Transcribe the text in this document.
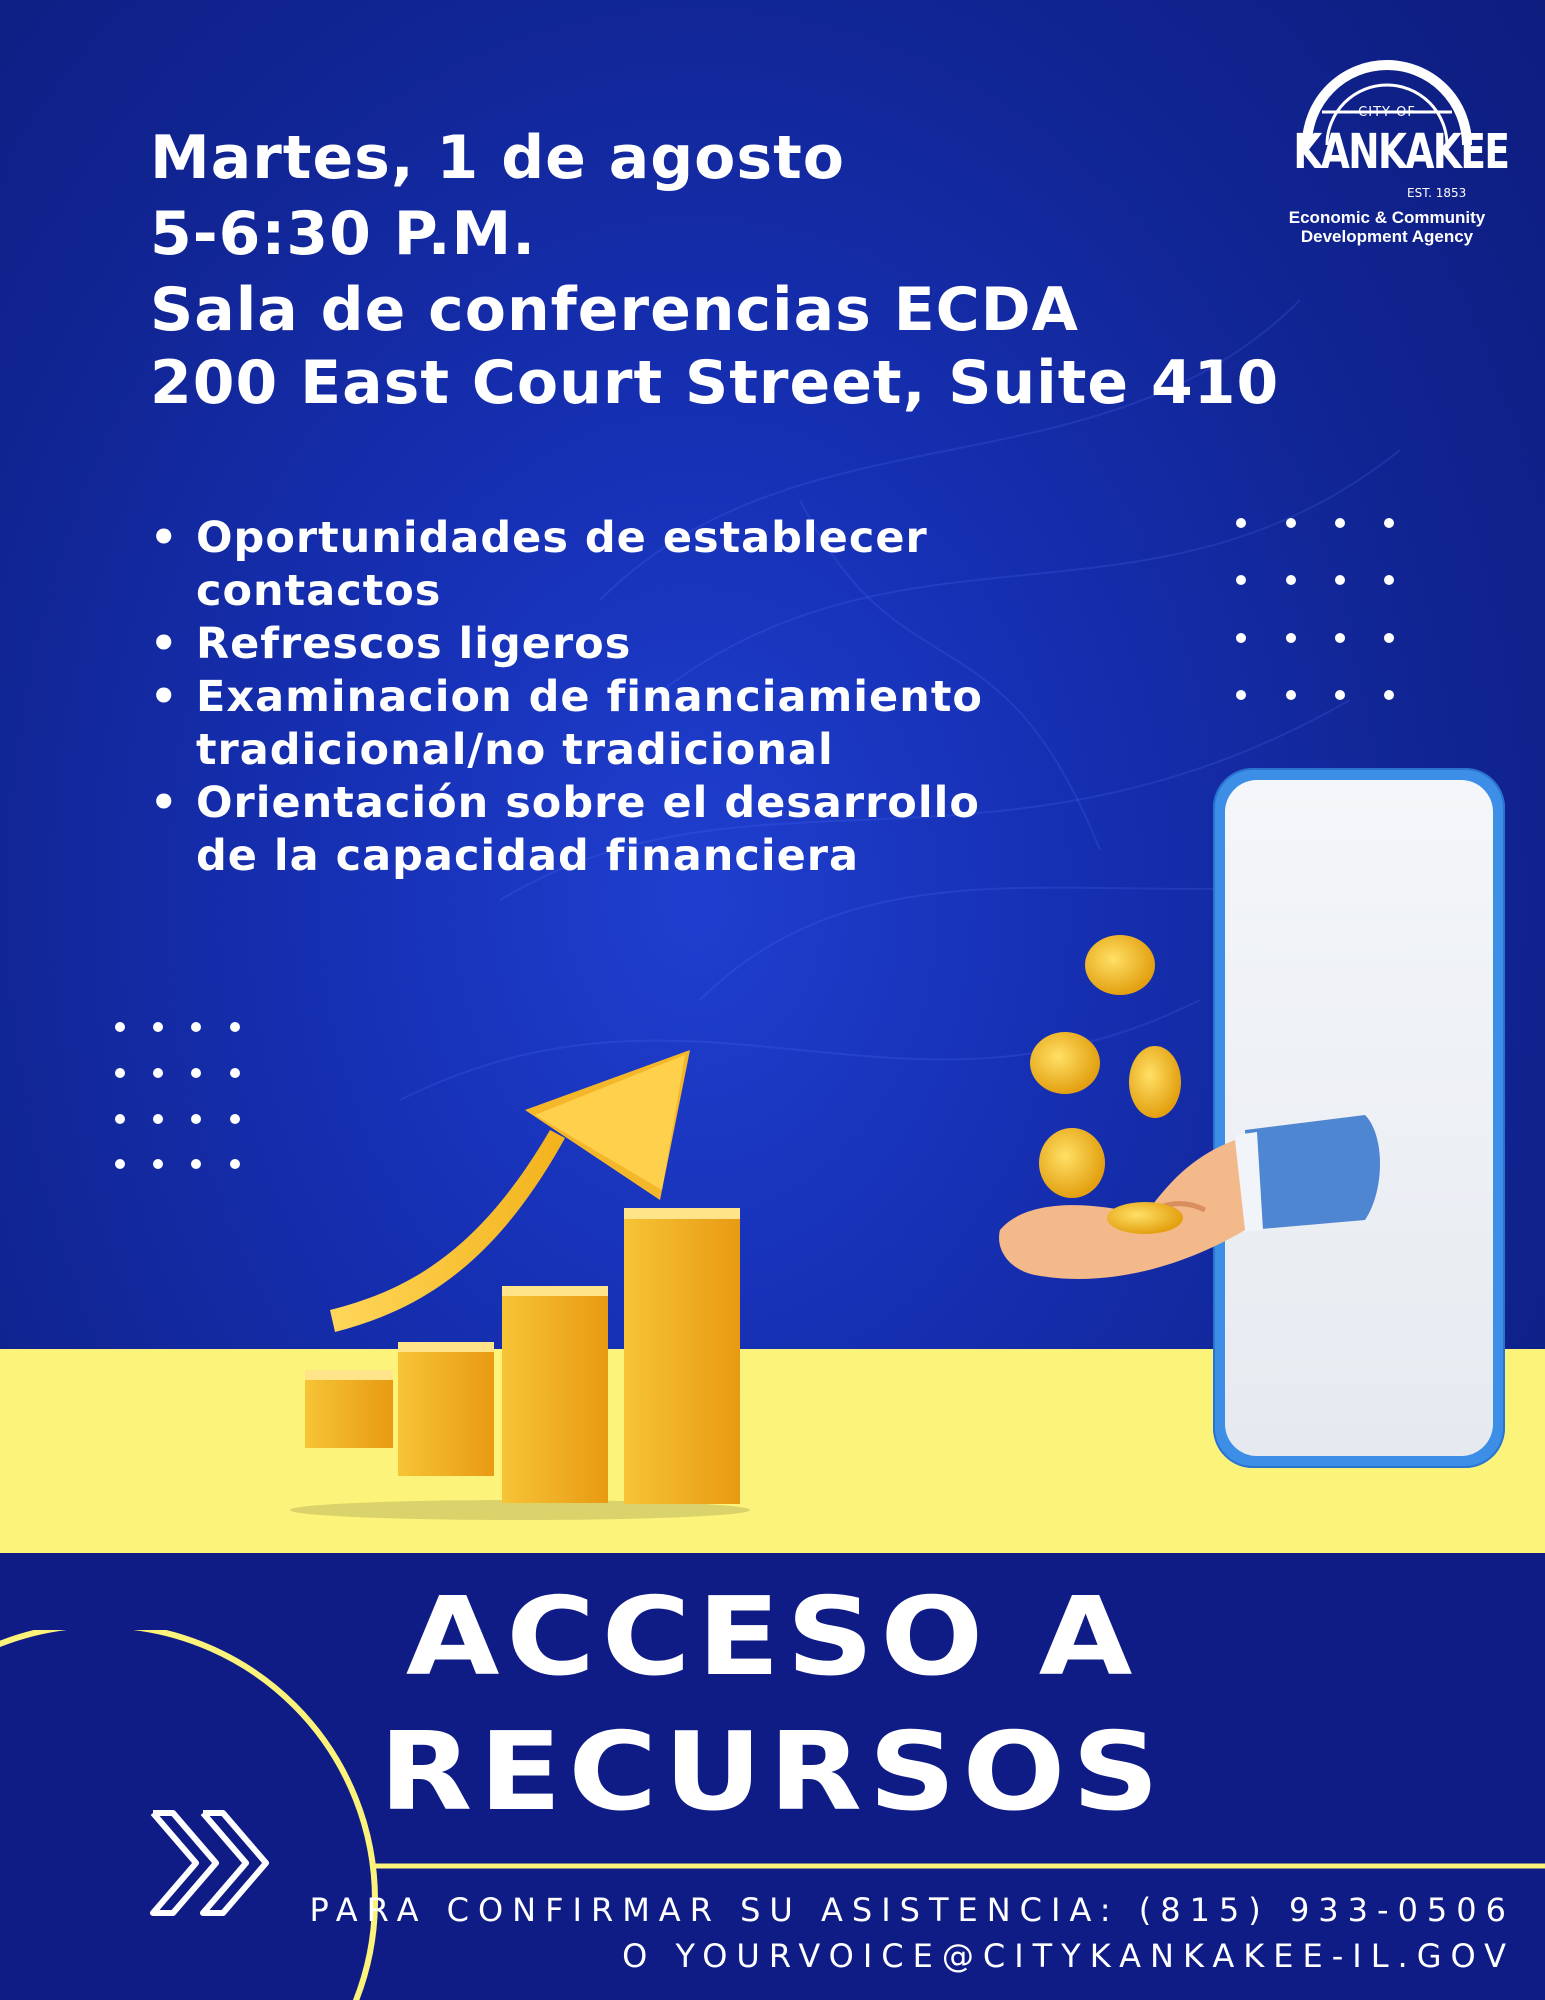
Martes, 1 de agosto
5-6:30 P.M.
Sala de conferencias ECDA
200 East Court Street, Suite 410
CITY OF
KANKAKEE
EST. 1853
Economic & Community
Development Agency
• Oportunidades de establecer contactos
• Refrescos ligeros
• Examinacion de financiamiento tradicional/no tradicional
• Orientación sobre el desarrollo de la capacidad financiera
ACCESO A
RECURSOS
PARA CONFIRMAR SU ASISTENCIA: (815) 933-0506
O YOURVOICE@CITYKANKAKEE-IL.GOV
